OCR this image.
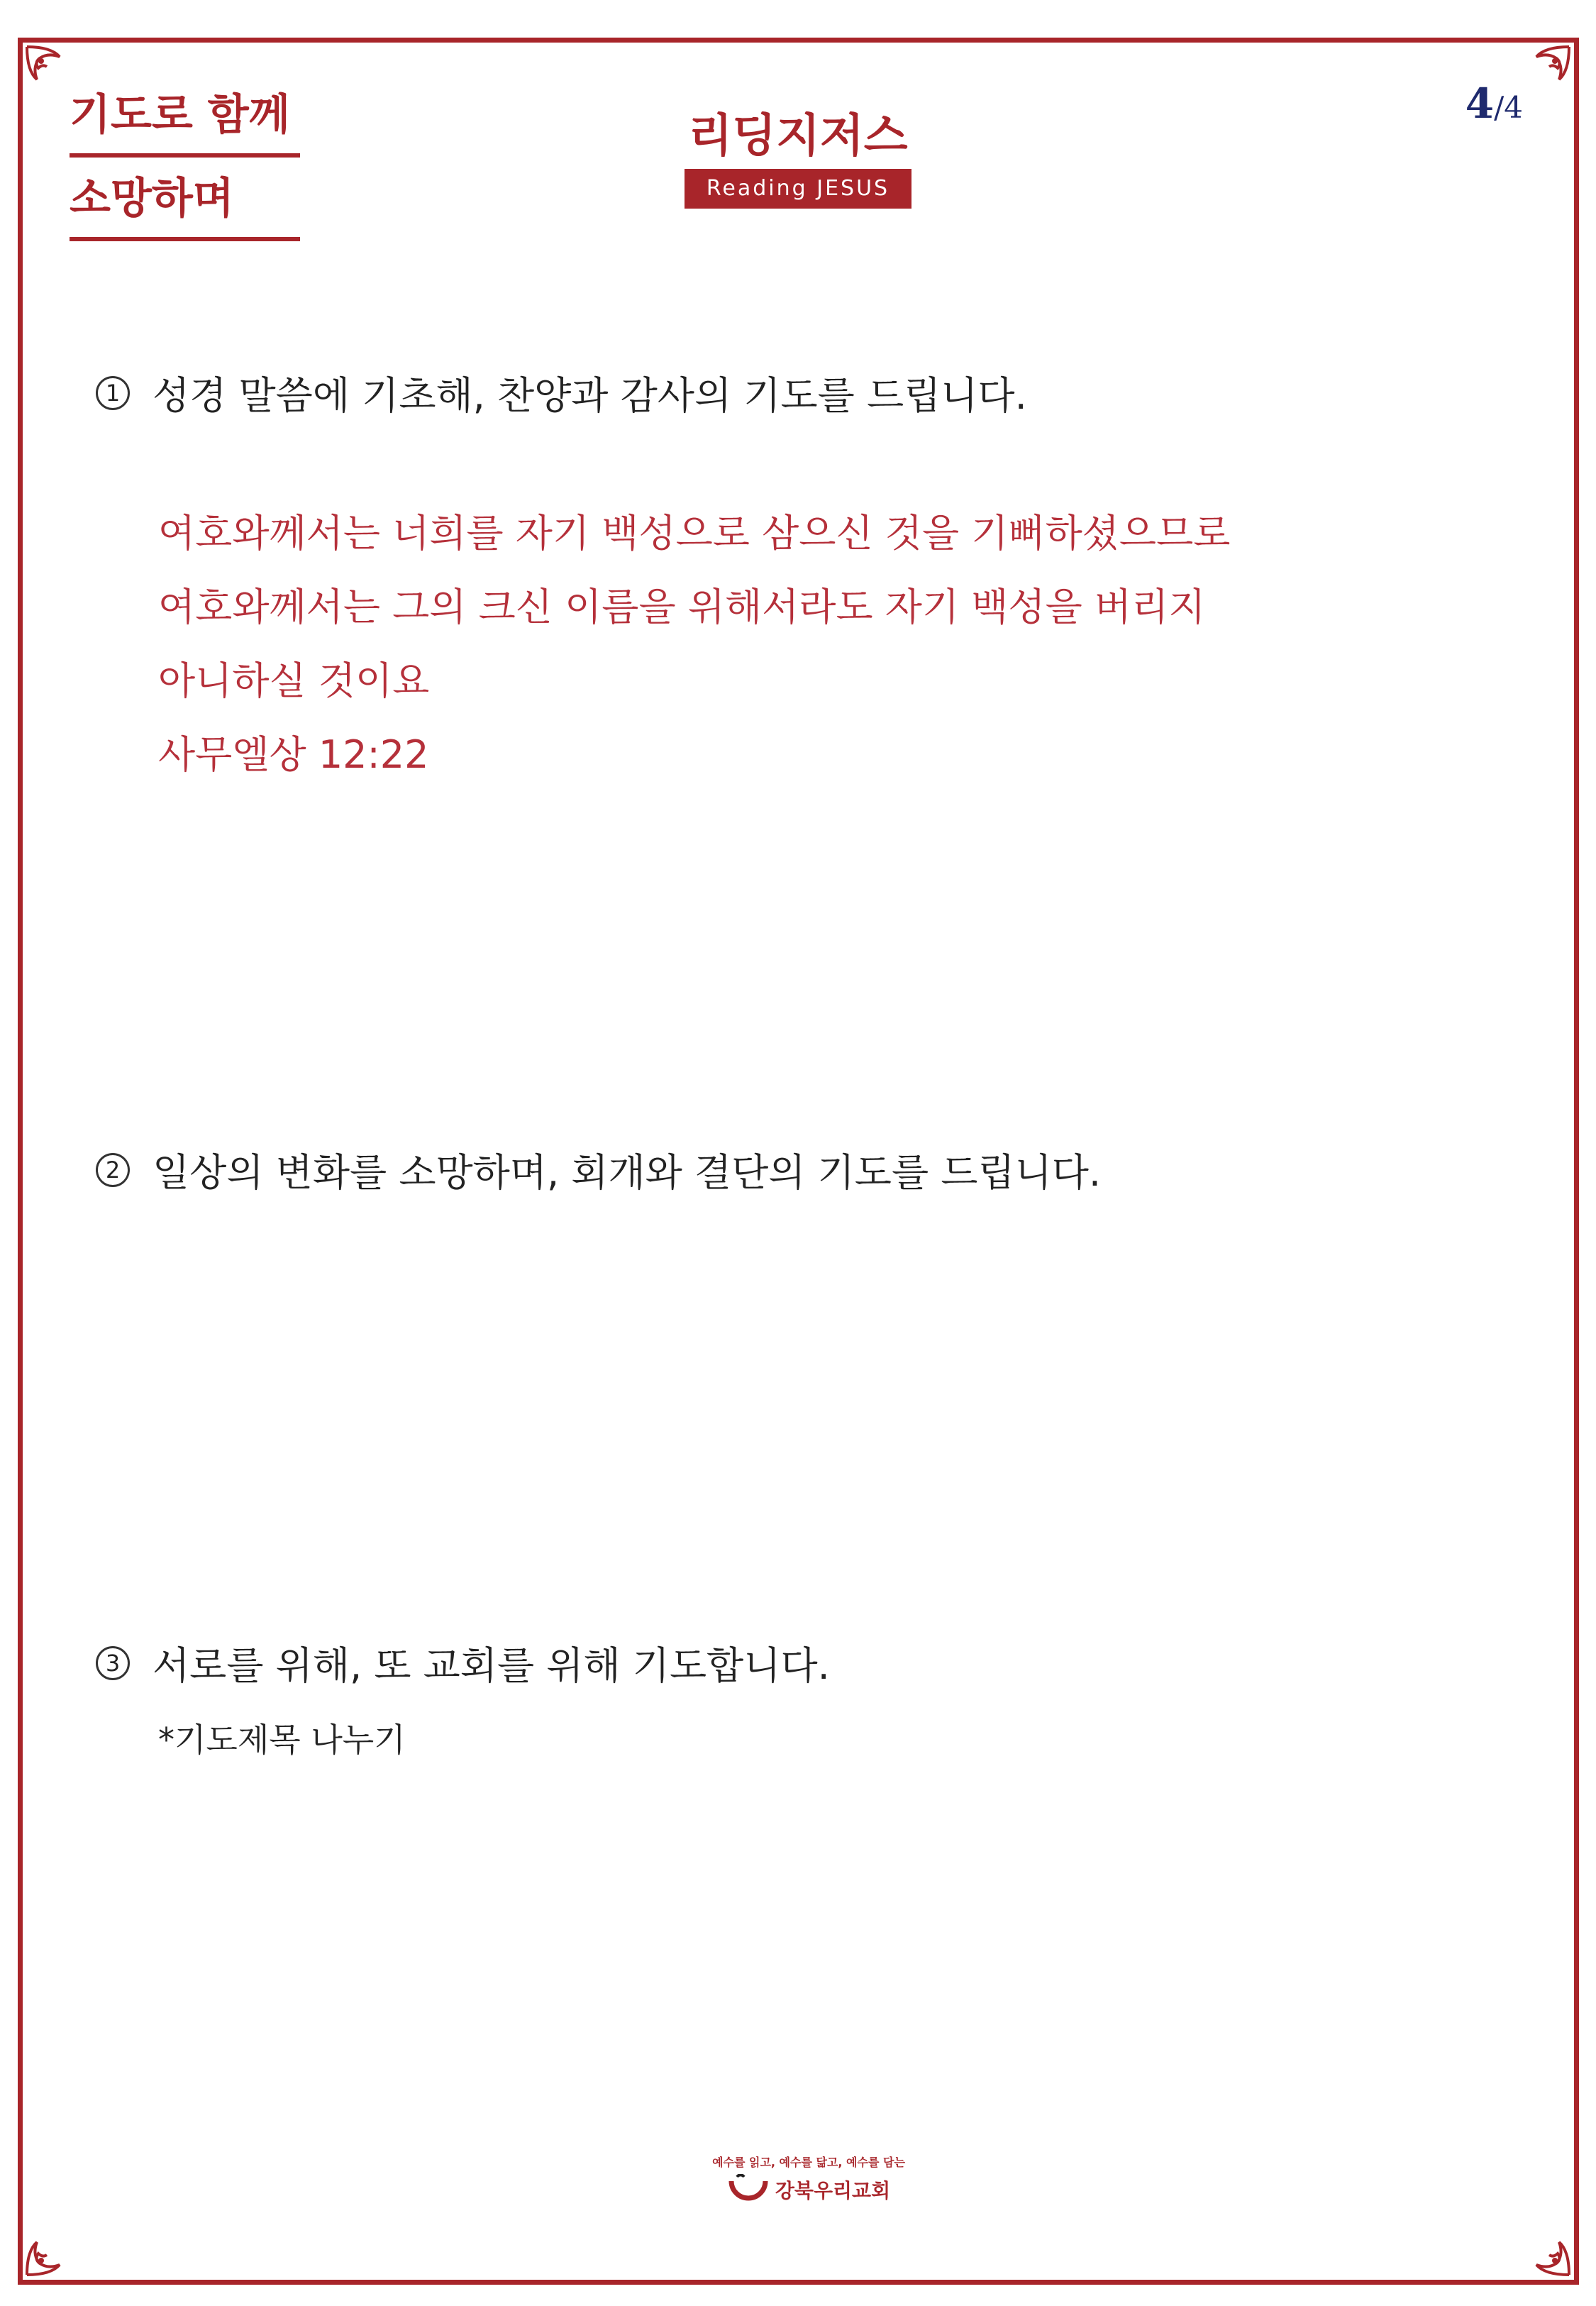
기도로 함께
소망하며
리딩지저스
Reading JESUS
4/4
1 성경 말씀에 기초해, 찬양과 감사의 기도를 드립니다.
여호와께서는 너희를 자기 백성으로 삼으신 것을 기뻐하셨으므로
여호와께서는 그의 크신 이름을 위해서라도 자기 백성을 버리지
아니하실 것이요
사무엘상 12:22
2 일상의 변화를 소망하며, 회개와 결단의 기도를 드립니다.
3 서로를 위해, 또 교회를 위해 기도합니다.
*기도제목 나누기
예수를 읽고, 예수를 닮고, 예수를 담는
강북우리교회
